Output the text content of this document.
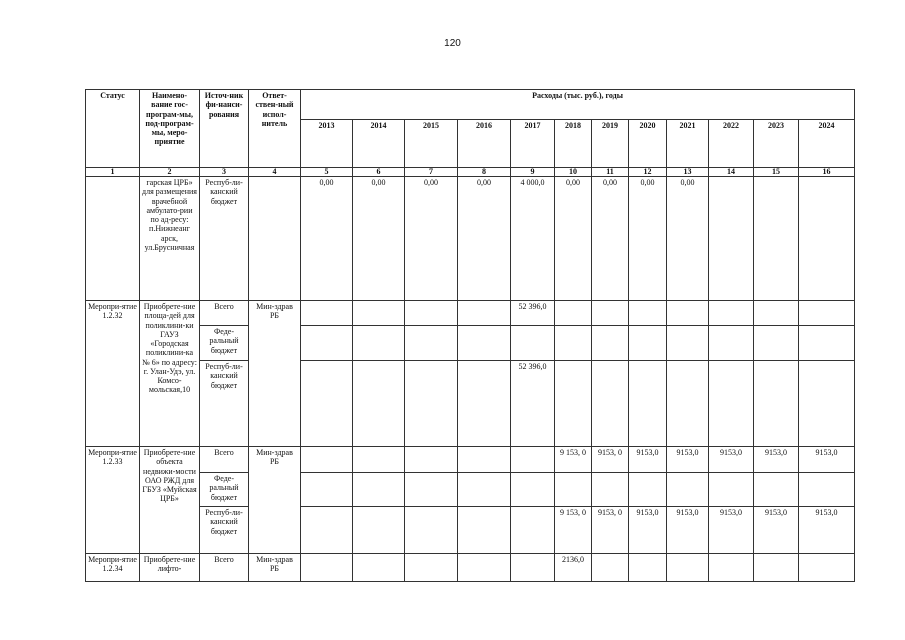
120
Статус	Наимено-вание гос-програм-мы, под-програм-мы, меро-приятие	Источ-ник фи-нанси-рования	Ответ-ствен-ный испол-нитель	Расходы (тыс. руб.), годы											
				2013	2014	2015	2016	2017	2018	2019	2020	2021	2022	2023	2024
1	2	3	4	5	6	7	8	9	10	11	12	13	14	15	16
	гарская ЦРБ» для размещения врачебной амбулато-рии по ад-ресу: п.Нижнеанг арск, ул.Брусничная	Респуб-ли-канский бюджет		0,00	0,00	0,00	0,00	4 000,0	0,00	0,00	0,00	0,00			
Меропри-ятие 1.2.32	Приобрете-ние площа-дей для поликлини-ки ГАУЗ «Городская поликлини-ка № 6» по адресу: г. Улан-Удэ, ул. Комсо-мольская,10	Всего	Мин-здрав РБ					52 396,0							
		Феде-ральный бюджет													
		Респуб-ли-канский бюджет						52 396,0							
Меропри-ятие 1.2.33	Приобрете-ние объекта недвижи-мости ОАО РЖД для ГБУЗ «Муйская ЦРБ»	Всего	Мин-здрав РБ						9 153, 0	9153, 0	9153,0	9153,0	9153,0	9153,0	9153,0
		Феде-ральный бюджет													
		Респуб-ли-канский бюджет							9 153, 0	9153, 0	9153,0	9153,0	9153,0	9153,0	9153,0
Меропри-ятие 1.2.34	Приобрете-ние лифто-	Всего	Мин-здрав РБ						2136,0						
